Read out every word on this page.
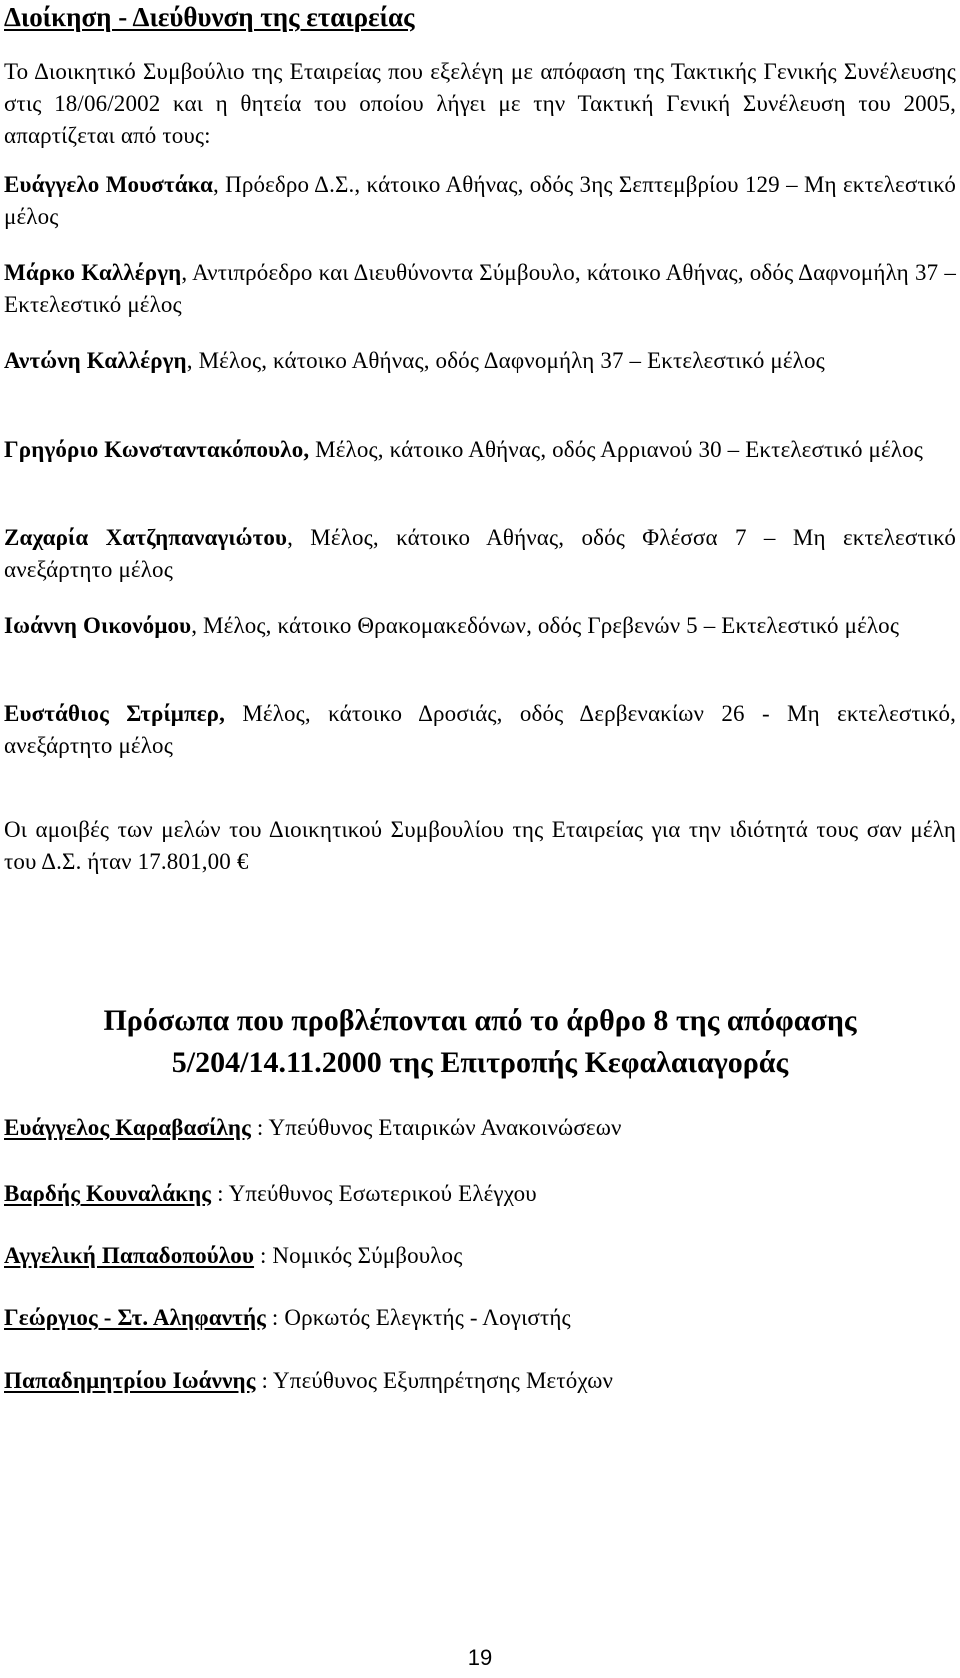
Διοίκηση - Διεύθυνση της εταιρείας

Το Διοικητικό Συμβούλιο της Εταιρείας που εξελέγη με απόφαση της Τακτικής Γενικής Συνέλευσης στις 18/06/2002 και η θητεία του οποίου λήγει με την Τακτική Γενική Συνέλευση του 2005, απαρτίζεται από τους:

Ευάγγελο Μουστάκα, Πρόεδρο Δ.Σ., κάτοικο Αθήνας, οδός 3ης Σεπτεμβρίου 129 – Μη εκτελεστικό μέλος

Μάρκο Καλλέργη, Αντιπρόεδρο και Διευθύνοντα Σύμβουλο, κάτοικο Αθήνας, οδός Δαφνομήλη 37 – Εκτελεστικό μέλος

Αντώνη Καλλέργη, Μέλος, κάτοικο Αθήνας, οδός Δαφνομήλη 37 – Εκτελεστικό μέλος

Γρηγόριο Κωνσταντακόπουλο, Μέλος, κάτοικο Αθήνας, οδός Αρριανού 30 – Εκτελεστικό μέλος

Ζαχαρία Χατζηπαναγιώτου, Μέλος, κάτοικο Αθήνας, οδός Φλέσσα 7 – Μη εκτελεστικό ανεξάρτητο μέλος

Ιωάννη Οικονόμου, Μέλος, κάτοικο Θρακομακεδόνων, οδός Γρεβενών 5 – Εκτελεστικό μέλος

Ευστάθιος Στρίμπερ, Μέλος, κάτοικο Δροσιάς, οδός Δερβενακίων 26 - Μη εκτελεστικό, ανεξάρτητο μέλος

Οι αμοιβές των μελών του Διοικητικού Συμβουλίου της Εταιρείας για την ιδιότητά τους σαν μέλη του Δ.Σ. ήταν 17.801,00 €

Πρόσωπα που προβλέπονται από το άρθρο 8 της απόφασης
5/204/14.11.2000 της Επιτροπής Κεφαλαιαγοράς

Ευάγγελος Καραβασίλης : Υπεύθυνος Εταιρικών Ανακοινώσεων

Βαρδής Κουναλάκης : Υπεύθυνος Εσωτερικού Ελέγχου

Αγγελική Παπαδοπούλου : Νομικός Σύμβουλος

Γεώργιος - Στ. Αληφαντής : Ορκωτός Ελεγκτής - Λογιστής

Παπαδημητρίου Ιωάννης : Υπεύθυνος Εξυπηρέτησης Μετόχων

19
